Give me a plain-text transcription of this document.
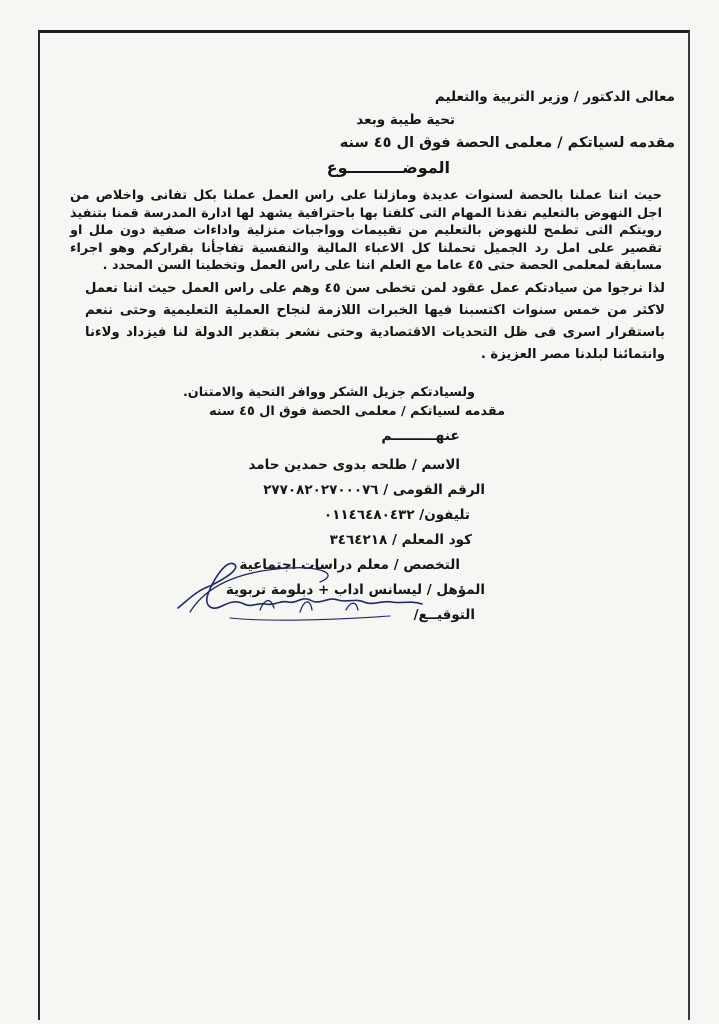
معالى الدكتور / وزير التربية والتعليم
تحية طيبة وبعد
مقدمه لسياتكم / معلمى الحصة فوق ال ٤٥ سنه
الموضــــــــــوع
حيث اننا عملنا بالحصة لسنوات عديدة ومازلنا على راس العمل عملنا بكل تفانى واخلاص من اجل النهوض بالتعليم نفذنا المهام التى كلفنا بها باحترافية يشهد لها ادارة المدرسة قمنا بتنفيذ رويتكم التى تطمح للنهوض بالتعليم من تقييمات وواجبات منزلية واداءات صفية دون ملل او تقصير على امل رد الجميل تحملنا كل الاعباء المالية والنفسية تفاجأنا بقراركم وهو اجراء مسابقة لمعلمى الحصة حتى ٤٥ عاما مع العلم اننا على راس العمل وتخطينا السن المحدد .
لذا نرجوا من سيادتكم عمل عقود لمن تخطى سن ٤٥ وهم على راس العمل حيث اننا نعمل لاكثر من خمس سنوات اكتسبنا فيها الخبرات اللازمة لنجاح العملية التعليمية وحتى ننعم باستقرار اسرى فى ظل التحديات الاقتصادية وحتى نشعر بتقدير الدولة لنا فيزداد ولاءنا وانتمائنا لبلدنا مصر العزيزة .
ولسيادتكم جزيل الشكر ووافر التحية والامتنان.
مقدمه لسياتكم / معلمى الحصة فوق ال ٤٥ سنه
عنهـــــــــم
الاسم / طلحه بدوى حمدين حامد
الرقم القومى / ٢٧٧٠٨٢٠٢٧٠٠٠٧٦
تليفون/ ٠١١٤٦٤٨٠٤٣٢
كود المعلم / ٣٤٦٤٢١٨
التخصص / معلم دراسات اجتماعية
المؤهل / ليسانس اداب + دبلومة تربوية
التوقيــع/
